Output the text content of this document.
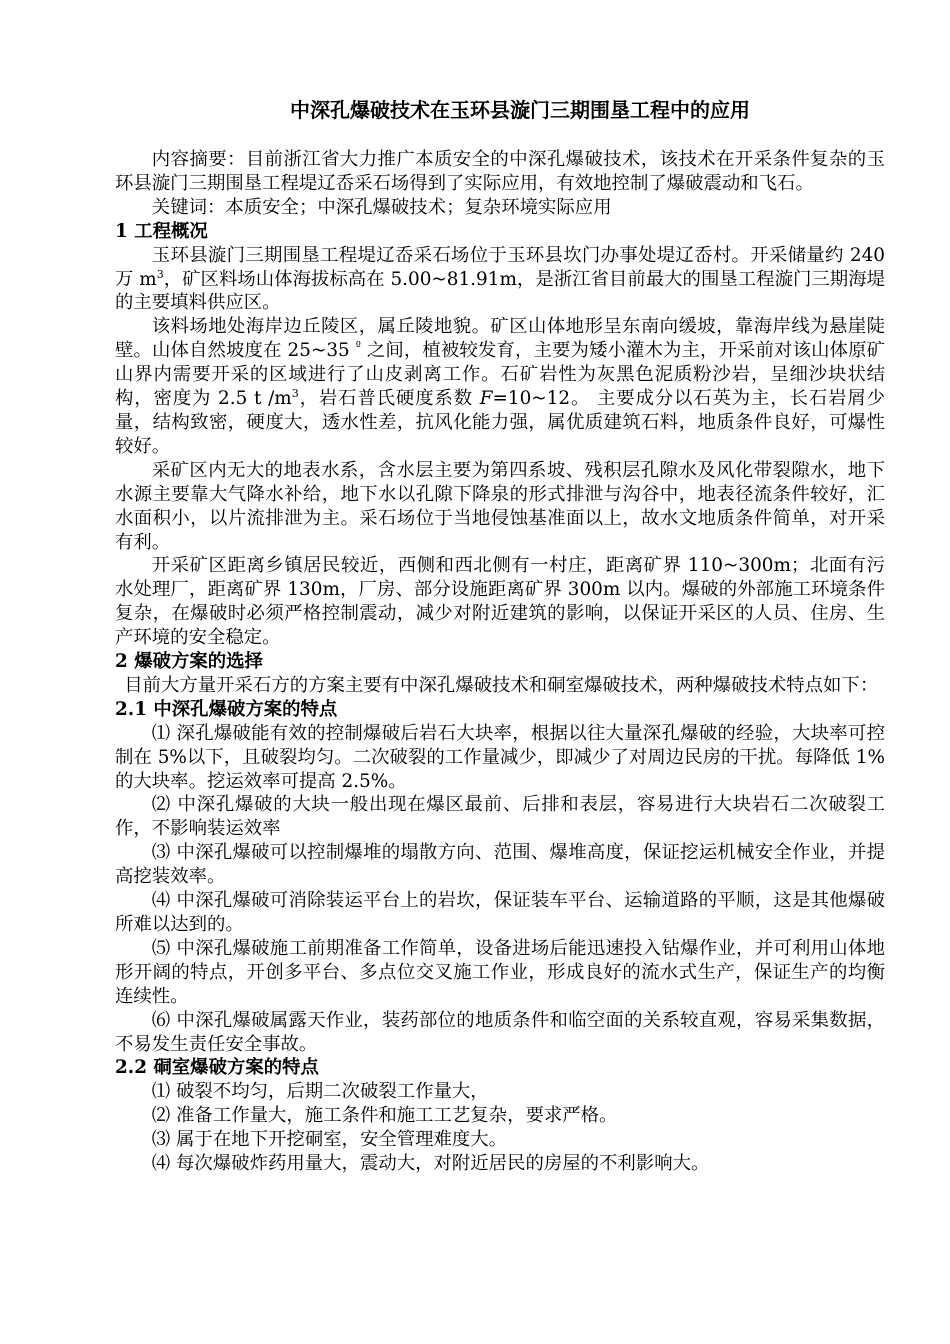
中深孔爆破技术在玉环县漩门三期围垦工程中的应用

内容摘要：目前浙江省大力推广本质安全的中深孔爆破技术，该技术在开采条件复杂的玉环县漩门三期围垦工程堤辽岙采石场得到了实际应用，有效地控制了爆破震动和飞石。

关键词：本质安全；中深孔爆破技术；复杂环境实际应用

1 工程概况

玉环县漩门三期围垦工程堤辽岙采石场位于玉环县坎门办事处堤辽岙村。开采储量约 240 万 $m^3$，矿区料场山体海拔标高在 5.00~81.91m，是浙江省目前最大的围垦工程漩门三期海堤的主要填料供应区。

该料场地处海岸边丘陵区，属丘陵地貌。矿区山体地形呈东南向缓坡，靠海岸线为悬崖陡壁。山体自然坡度在 25~35 $^º$ 之间，植被较发育，主要为矮小灌木为主，开采前对该山体原矿山界内需要开采的区域进行了山皮剥离工作。石矿岩性为灰黑色泥质粉沙岩，呈细沙块状结构，密度为 2.5 t $/m^3$，岩石普氏硬度系数 F=10~12。 主要成分以石英为主，长石岩屑少量，结构致密，硬度大，透水性差，抗风化能力强，属优质建筑石料，地质条件良好，可爆性较好。

采矿区内无大的地表水系，含水层主要为第四系坡、残积层孔隙水及风化带裂隙水，地下水源主要靠大气降水补给，地下水以孔隙下降泉的形式排泄与沟谷中，地表径流条件较好，汇水面积小，以片流排泄为主。采石场位于当地侵蚀基准面以上，故水文地质条件简单，对开采有利。

开采矿区距离乡镇居民较近，西侧和西北侧有一村庄，距离矿界 110~300m；北面有污水处理厂，距离矿界 130m，厂房、部分设施距离矿界 300m 以内。爆破的外部施工环境条件复杂，在爆破时必须严格控制震动，减少对附近建筑的影响，以保证开采区的人员、住房、生产环境的安全稳定。

2 爆破方案的选择

目前大方量开采石方的方案主要有中深孔爆破技术和硐室爆破技术，两种爆破技术特点如下：

2.1 中深孔爆破方案的特点

⑴ 深孔爆破能有效的控制爆破后岩石大块率，根据以往大量深孔爆破的经验，大块率可控制在 5%以下，且破裂均匀。二次破裂的工作量减少，即减少了对周边民房的干扰。每降低 1%的大块率。挖运效率可提高 2.5%。

⑵ 中深孔爆破的大块一般出现在爆区最前、后排和表层，容易进行大块岩石二次破裂工作，不影响装运效率

⑶ 中深孔爆破可以控制爆堆的塌散方向、范围、爆堆高度，保证挖运机械安全作业，并提高挖装效率。

⑷ 中深孔爆破可消除装运平台上的岩坎，保证装车平台、运输道路的平顺，这是其他爆破所难以达到的。

⑸ 中深孔爆破施工前期准备工作简单，设备进场后能迅速投入钻爆作业，并可利用山体地形开阔的特点，开创多平台、多点位交叉施工作业，形成良好的流水式生产，保证生产的均衡连续性。

⑹ 中深孔爆破属露天作业，装药部位的地质条件和临空面的关系较直观，容易采集数据，不易发生责任安全事故。

2.2 硐室爆破方案的特点

⑴ 破裂不均匀，后期二次破裂工作量大，

⑵ 准备工作量大，施工条件和施工工艺复杂，要求严格。

⑶ 属于在地下开挖硐室，安全管理难度大。

⑷ 每次爆破炸药用量大，震动大，对附近居民的房屋的不利影响大。
